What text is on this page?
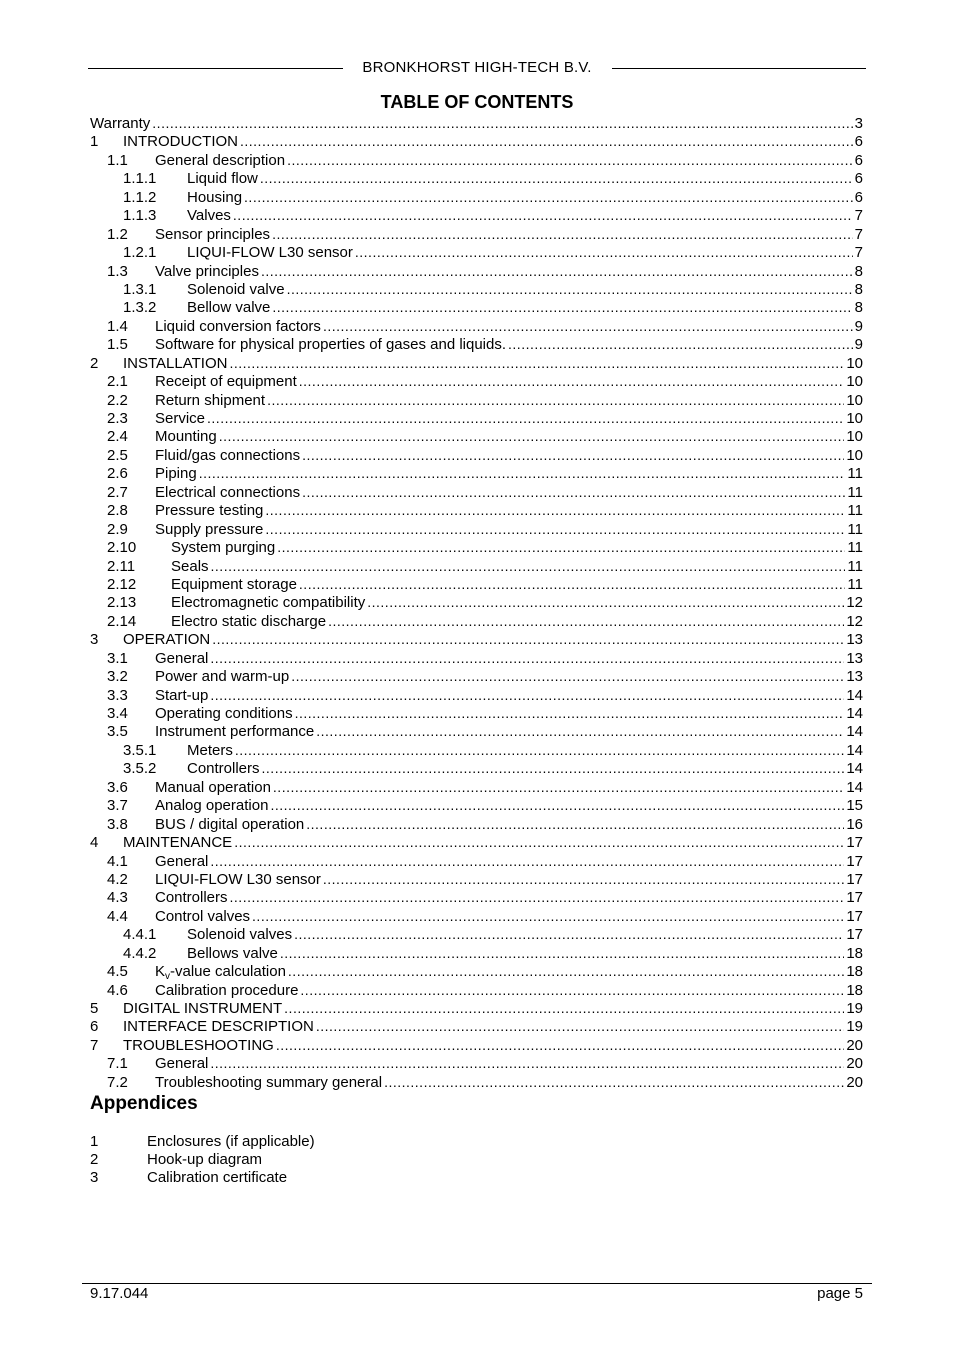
BRONKHORST HIGH-TECH B.V.
TABLE OF CONTENTS
Warranty .....	3
1	INTRODUCTION .....	6
1.1	General description .....	6
1.1.1	Liquid flow .....	6
1.1.2	Housing .....	6
1.1.3	Valves .....	7
1.2	Sensor principles .....	7
1.2.1	LIQUI-FLOW L30 sensor .....	7
1.3	Valve principles .....	8
1.3.1	Solenoid valve .....	8
1.3.2	Bellow valve .....	8
1.4	Liquid conversion factors .....	9
1.5	Software for physical properties of gases and liquids. .....	9
2	INSTALLATION .....	10
2.1	Receipt of equipment .....	10
2.2	Return shipment .....	10
2.3	Service .....	10
2.4	Mounting .....	10
2.5	Fluid/gas connections .....	10
2.6	Piping .....	11
2.7	Electrical connections .....	11
2.8	Pressure testing .....	11
2.9	Supply pressure .....	11
2.10	System purging .....	11
2.11	Seals .....	11
2.12	Equipment storage .....	11
2.13	Electromagnetic compatibility .....	12
2.14	Electro static discharge .....	12
3	OPERATION .....	13
3.1	General .....	13
3.2	Power and warm-up .....	13
3.3	Start-up .....	14
3.4	Operating conditions .....	14
3.5	Instrument performance .....	14
3.5.1	Meters .....	14
3.5.2	Controllers .....	14
3.6	Manual operation .....	14
3.7	Analog operation .....	15
3.8	BUS / digital operation .....	16
4	MAINTENANCE .....	17
4.1	General .....	17
4.2	LIQUI-FLOW L30 sensor .....	17
4.3	Controllers .....	17
4.4	Control valves .....	17
4.4.1	Solenoid valves .....	17
4.4.2	Bellows valve .....	18
4.5	$K_v$-value calculation .....	18
4.6	Calibration procedure .....	18
5	DIGITAL INSTRUMENT .....	19
6	INTERFACE DESCRIPTION .....	19
7	TROUBLESHOOTING .....	20
7.1	General .....	20
7.2	Troubleshooting summary general .....	20
Appendices
1	Enclosures (if applicable)
2	Hook-up diagram
3	Calibration certificate
9.17.044	page 5
